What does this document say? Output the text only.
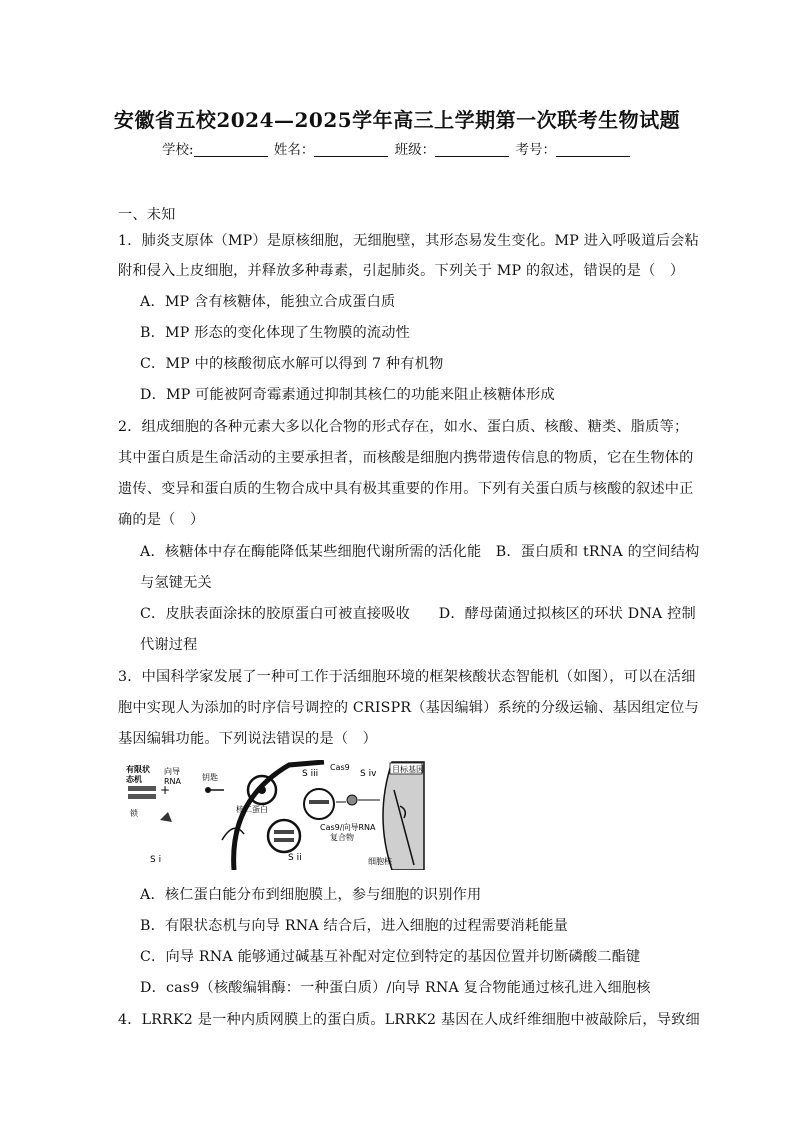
安徽省五校2024—2025学年高三上学期第一次联考生物试题
学校:	姓名：	班级：	考号：
一、未知
1．肺炎支原体（MP）是原核细胞，无细胞壁，其形态易发生变化。MP 进入呼吸道后会粘
附和侵入上皮细胞，并释放多种毒素，引起肺炎。下列关于 MP 的叙述，错误的是（　）
A．MP 含有核糖体，能独立合成蛋白质
B．MP 形态的变化体现了生物膜的流动性
C．MP 中的核酸彻底水解可以得到 7 种有机物
D．MP 可能被阿奇霉素通过抑制其核仁的功能来阻止核糖体形成
2．组成细胞的各种元素大多以化合物的形式存在，如水、蛋白质、核酸、糖类、脂质等；
其中蛋白质是生命活动的主要承担者，而核酸是细胞内携带遗传信息的物质，它在生物体的
遗传、变异和蛋白质的生物合成中具有极其重要的作用。下列有关蛋白质与核酸的叙述中正
确的是（　）
A．核糖体中存在酶能降低某些细胞代谢所需的活化能　B．蛋白质和 tRNA 的空间结构
与氢键无关
C．皮肤表面涂抹的胶原蛋白可被直接吸收　　D．酵母菌通过拟核区的环状 DNA 控制
代谢过程
3．中国科学家发展了一种可工作于活细胞环境的框架核酸状态智能机（如图），可以在活细
胞中实现人为添加的时序信号调控的 CRISPR（基因编辑）系统的分级运输、基因组定位与
基因编辑功能。下列说法错误的是（　）
有限状
态机
向导
RNA
+
锁
S i
钥匙
核仁蛋白
S ii
S iii
Cas9
S iv
Cas9/向导RNA
复合物
目标基因
细胞核
A．核仁蛋白能分布到细胞膜上，参与细胞的识别作用
B．有限状态机与向导 RNA 结合后，进入细胞的过程需要消耗能量
C．向导 RNA 能够通过碱基互补配对定位到特定的基因位置并切断磷酸二酯键
D．cas9（核酸编辑酶：一种蛋白质）/向导 RNA 复合物能通过核孔进入细胞核
4．LRRK2 是一种内质网膜上的蛋白质。LRRK2 基因在人成纤维细胞中被敲除后，导致细
